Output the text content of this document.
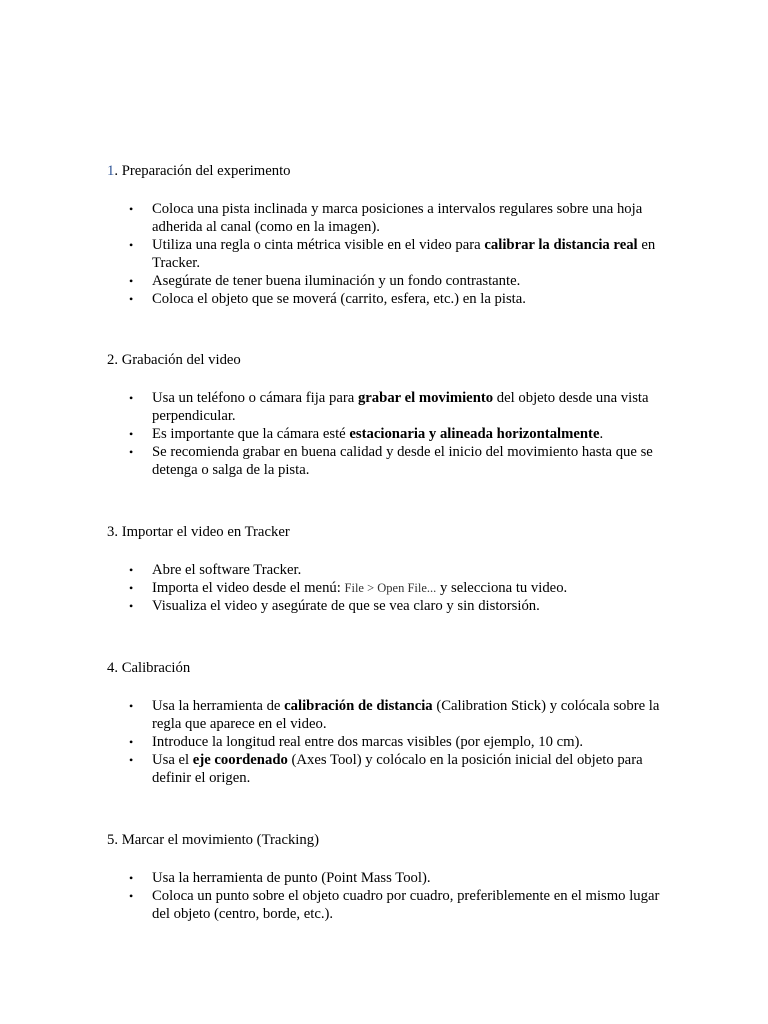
1. Preparación del experimento

•	Coloca una pista inclinada y marca posiciones a intervalos regulares sobre una hoja adherida al canal (como en la imagen).
•	Utiliza una regla o cinta métrica visible en el video para calibrar la distancia real en Tracker.
•	Asegúrate de tener buena iluminación y un fondo contrastante.
•	Coloca el objeto que se moverá (carrito, esfera, etc.) en la pista.

2. Grabación del video

•	Usa un teléfono o cámara fija para grabar el movimiento del objeto desde una vista perpendicular.
•	Es importante que la cámara esté estacionaria y alineada horizontalmente.
•	Se recomienda grabar en buena calidad y desde el inicio del movimiento hasta que se detenga o salga de la pista.

3. Importar el video en Tracker

•	Abre el software Tracker.
•	Importa el video desde el menú: File > Open File... y selecciona tu video.
•	Visualiza el video y asegúrate de que se vea claro y sin distorsión.

4. Calibración

•	Usa la herramienta de calibración de distancia (Calibration Stick) y colócala sobre la regla que aparece en el video.
•	Introduce la longitud real entre dos marcas visibles (por ejemplo, 10 cm).
•	Usa el eje coordenado (Axes Tool) y colócalo en la posición inicial del objeto para definir el origen.

5. Marcar el movimiento (Tracking)

•	Usa la herramienta de punto (Point Mass Tool).
•	Coloca un punto sobre el objeto cuadro por cuadro, preferiblemente en el mismo lugar del objeto (centro, borde, etc.).
